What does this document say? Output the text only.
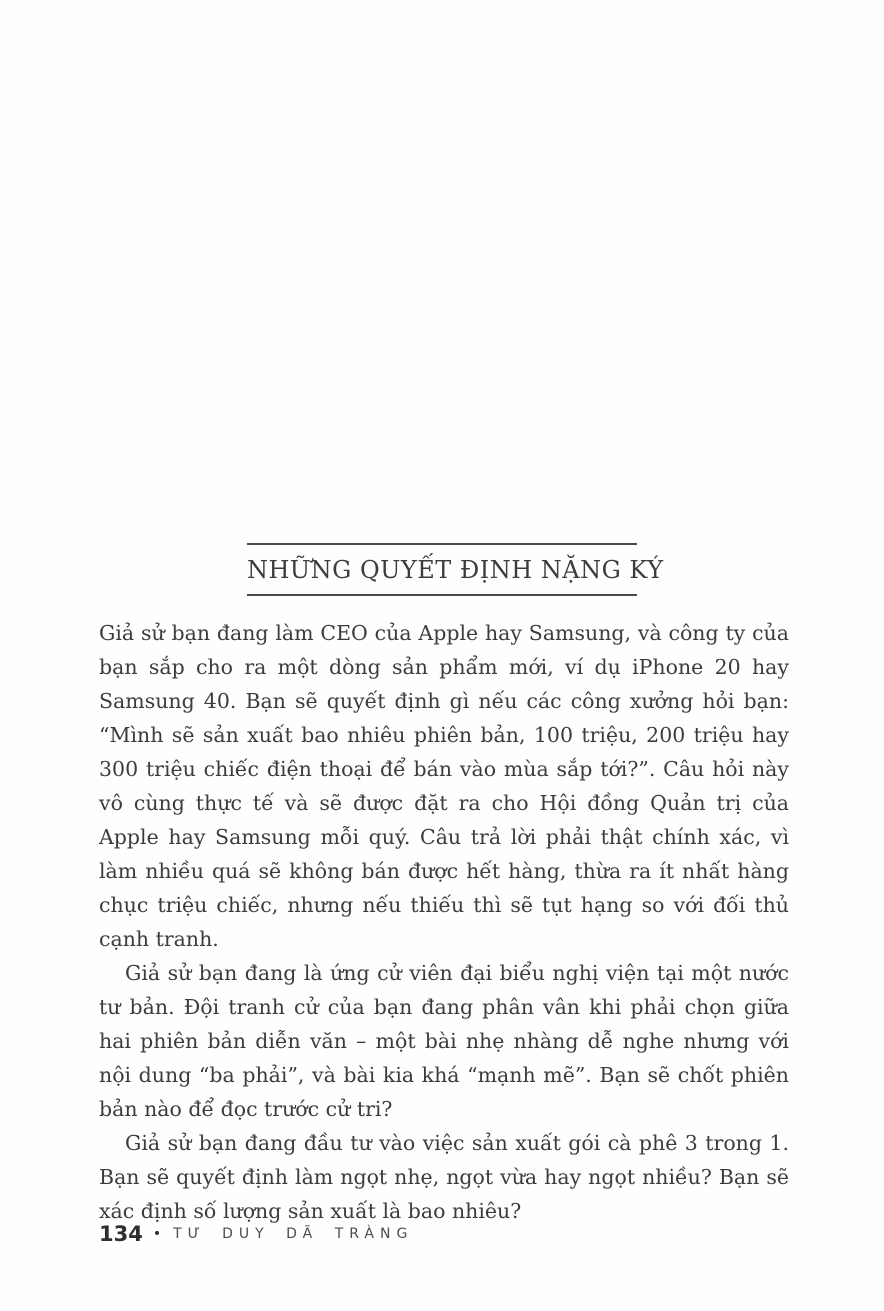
NHỮNG QUYẾT ĐỊNH NẶNG KÝ

Giả sử bạn đang làm CEO của Apple hay Samsung, và công ty của bạn sắp cho ra một dòng sản phẩm mới, ví dụ iPhone 20 hay Samsung 40. Bạn sẽ quyết định gì nếu các công xưởng hỏi bạn: “Mình sẽ sản xuất bao nhiêu phiên bản, 100 triệu, 200 triệu hay 300 triệu chiếc điện thoại để bán vào mùa sắp tới?”. Câu hỏi này vô cùng thực tế và sẽ được đặt ra cho Hội đồng Quản trị của Apple hay Samsung mỗi quý. Câu trả lời phải thật chính xác, vì làm nhiều quá sẽ không bán được hết hàng, thừa ra ít nhất hàng chục triệu chiếc, nhưng nếu thiếu thì sẽ tụt hạng so với đối thủ cạnh tranh.

Giả sử bạn đang là ứng cử viên đại biểu nghị viện tại một nước tư bản. Đội tranh cử của bạn đang phân vân khi phải chọn giữa hai phiên bản diễn văn – một bài nhẹ nhàng dễ nghe nhưng với nội dung “ba phải”, và bài kia khá “mạnh mẽ”. Bạn sẽ chốt phiên bản nào để đọc trước cử tri?

Giả sử bạn đang đầu tư vào việc sản xuất gói cà phê 3 trong 1. Bạn sẽ quyết định làm ngọt nhẹ, ngọt vừa hay ngọt nhiều? Bạn sẽ xác định số lượng sản xuất là bao nhiêu?

134 • TƯ DUY DÃ TRÀNG
